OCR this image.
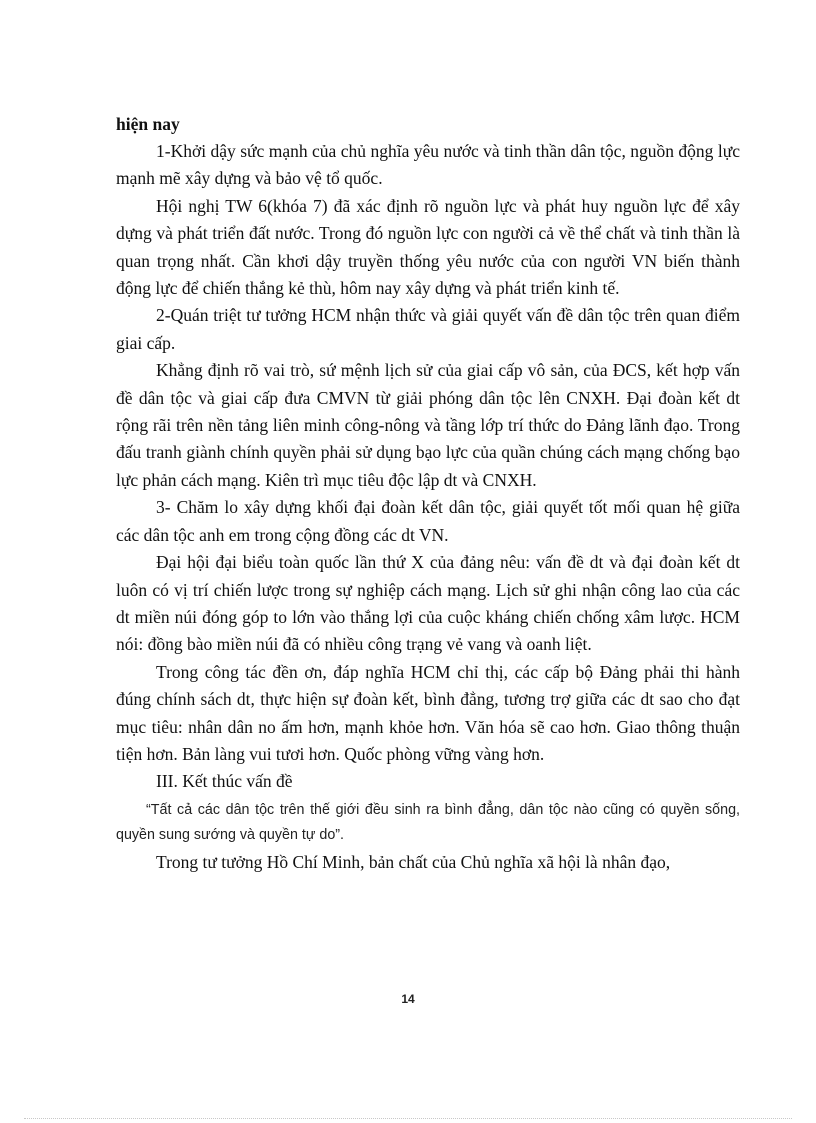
hiện nay

1-Khởi dậy sức mạnh của chủ nghĩa yêu nước và tinh thần dân tộc, nguồn động lực mạnh mẽ xây dựng và bảo vệ tổ quốc.

Hội nghị TW 6(khóa 7) đã xác định rõ nguồn lực và phát huy nguồn lực để xây dựng và phát triển đất nước. Trong đó nguồn lực con người cả về thể chất và tinh thần là quan trọng nhất. Cần khơi dậy truyền thống yêu nước của con người VN biến thành động lực để chiến thắng kẻ thù, hôm nay xây dựng và phát triển kinh tế.

2-Quán triệt tư tưởng HCM nhận thức và giải quyết vấn đề dân tộc trên quan điểm giai cấp.

Khẳng định rõ vai trò, sứ mệnh lịch sử của giai cấp vô sản, của ĐCS, kết hợp vấn đề dân tộc và giai cấp đưa CMVN từ giải phóng dân tộc lên CNXH. Đại đoàn kết dt rộng rãi trên nền tảng liên minh công-nông và tầng lớp trí thức do Đảng lãnh đạo. Trong đấu tranh giành chính quyền phải sử dụng bạo lực của quần chúng cách mạng chống bạo lực phản cách mạng. Kiên trì mục tiêu độc lập dt và CNXH.

3- Chăm lo xây dựng khối đại đoàn kết dân tộc, giải quyết tốt mối quan hệ giữa các dân tộc anh em trong cộng đồng các dt VN.

Đại hội đại biểu toàn quốc lần thứ X của đảng nêu: vấn đề dt và đại đoàn kết dt luôn có vị trí chiến lược trong sự nghiệp cách mạng. Lịch sử ghi nhận công lao của các dt miền núi đóng góp to lớn vào thắng lợi của cuộc kháng chiến chống xâm lược. HCM nói: đồng bào miền núi đã có nhiều công trạng vẻ vang và oanh liệt.

Trong công tác đền ơn, đáp nghĩa HCM chỉ thị, các cấp bộ Đảng phải thi hành đúng chính sách dt, thực hiện sự đoàn kết, bình đẳng, tương trợ giữa các dt sao cho đạt mục tiêu: nhân dân no ấm hơn, mạnh khỏe hơn. Văn hóa sẽ cao hơn. Giao thông thuận tiện hơn. Bản làng vui tươi hơn. Quốc phòng vững vàng hơn.

III. Kết thúc vấn đề

“Tất cả các dân tộc trên thế giới đều sinh ra bình đẳng, dân tộc nào cũng có quyền sống, quyền sung sướng và quyền tự do”.

Trong tư tưởng Hồ Chí Minh, bản chất của Chủ nghĩa xã hội là nhân đạo,

14
